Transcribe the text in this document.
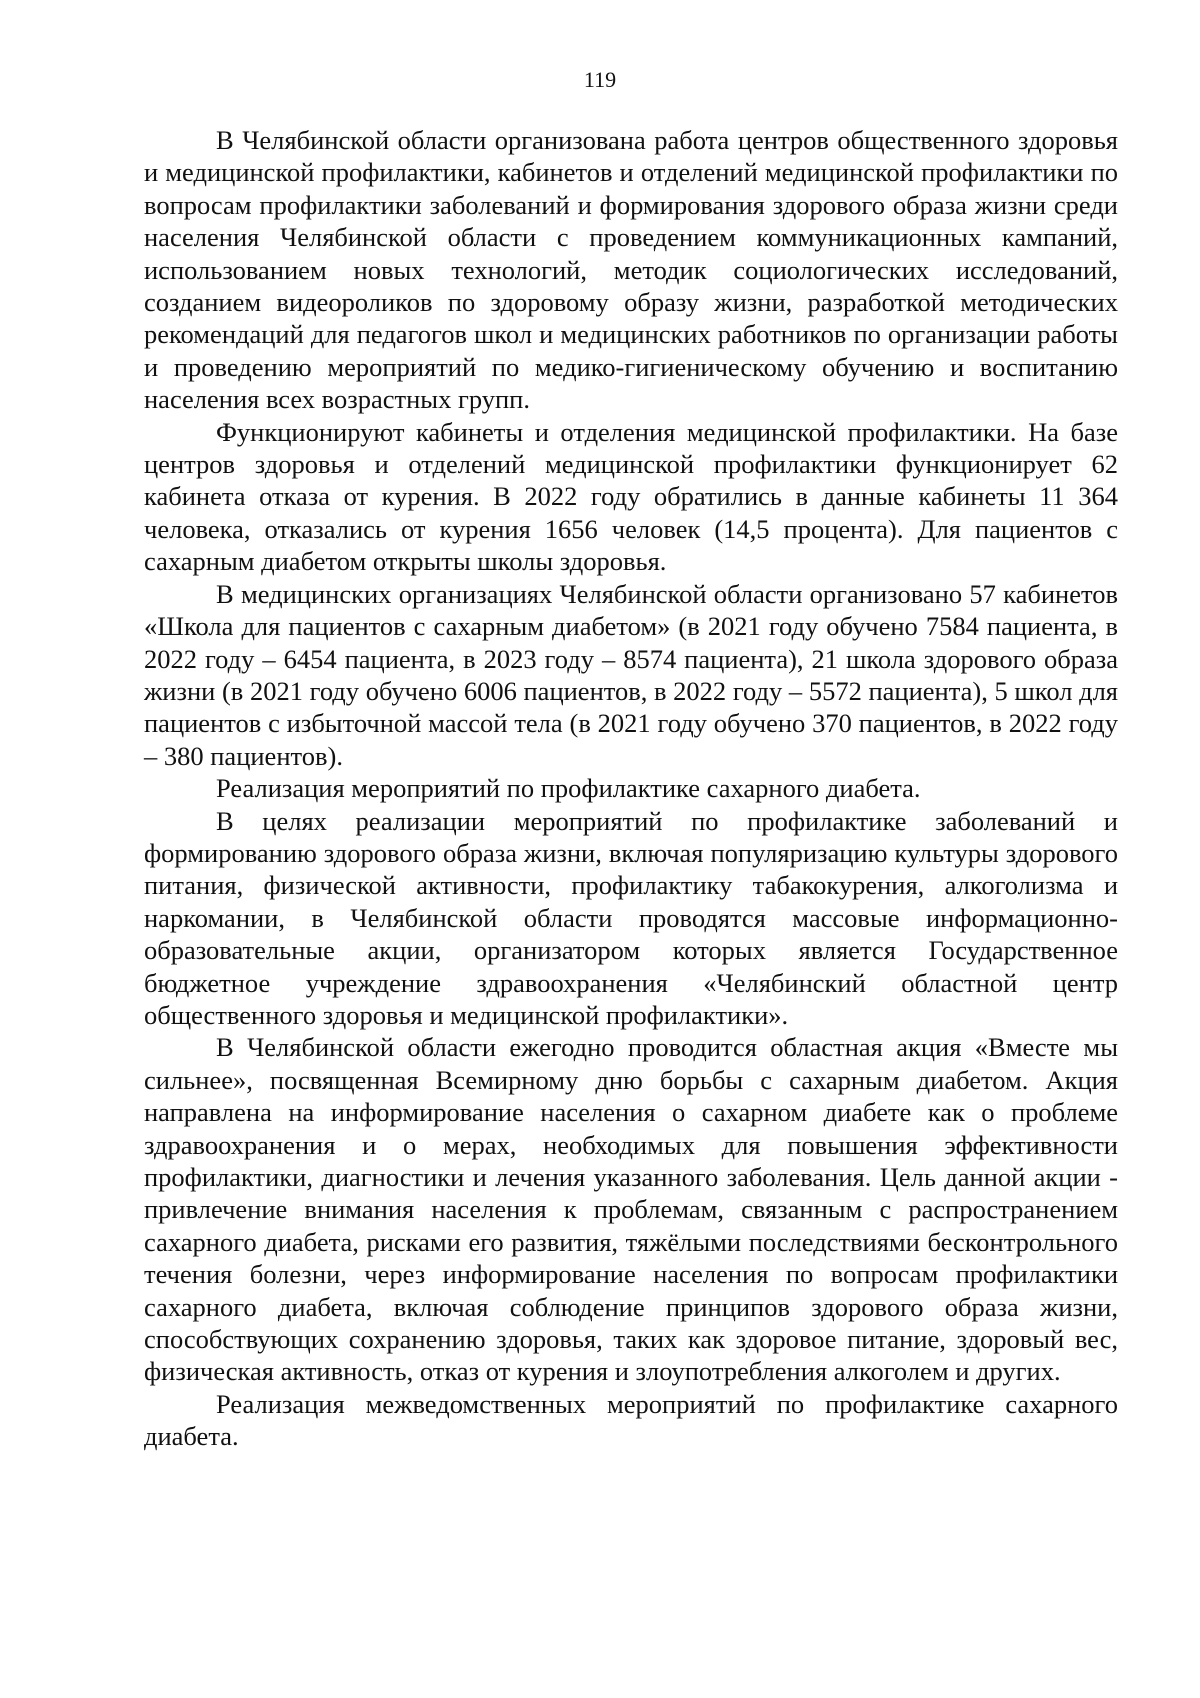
119

В Челябинской области организована работа центров общественного здоровья и медицинской профилактики, кабинетов и отделений медицинской профилактики по вопросам профилактики заболеваний и формирования здорового образа жизни среди населения Челябинской области с проведением коммуникационных кампаний, использованием новых технологий, методик социологических исследований, созданием видеороликов по здоровому образу жизни, разработкой методических рекомендаций для педагогов школ и медицинских работников по организации работы и проведению мероприятий по медико-гигиеническому обучению и воспитанию населения всех возрастных групп.

Функционируют кабинеты и отделения медицинской профилактики. На базе центров здоровья и отделений медицинской профилактики функционирует 62 кабинета отказа от курения. В 2022 году обратились в данные кабинеты 11 364 человека, отказались от курения 1656 человек (14,5 процента). Для пациентов с сахарным диабетом открыты школы здоровья.

В медицинских организациях Челябинской области организовано 57 кабинетов «Школа для пациентов с сахарным диабетом» (в 2021 году обучено 7584 пациента, в 2022 году – 6454 пациента, в 2023 году – 8574 пациента), 21 школа здорового образа жизни (в 2021 году обучено 6006 пациентов, в 2022 году – 5572 пациента), 5 школ для пациентов с избыточной массой тела (в 2021 году обучено 370 пациентов, в 2022 году – 380 пациентов).

Реализация мероприятий по профилактике сахарного диабета.

В целях реализации мероприятий по профилактике заболеваний и формированию здорового образа жизни, включая популяризацию культуры здорового питания, физической активности, профилактику табакокурения, алкоголизма и наркомании, в Челябинской области проводятся массовые информационно-образовательные акции, организатором которых является Государственное бюджетное учреждение здравоохранения «Челябинский областной центр общественного здоровья и медицинской профилактики».

В Челябинской области ежегодно проводится областная акция «Вместе мы сильнее», посвященная Всемирному дню борьбы с сахарным диабетом. Акция направлена на информирование населения о сахарном диабете как о проблеме здравоохранения и о мерах, необходимых для повышения эффективности профилактики, диагностики и лечения указанного заболевания. Цель данной акции - привлечение внимания населения к проблемам, связанным с распространением сахарного диабета, рисками его развития, тяжёлыми последствиями бесконтрольного течения болезни, через информирование населения по вопросам профилактики сахарного диабета, включая соблюдение принципов здорового образа жизни, способствующих сохранению здоровья, таких как здоровое питание, здоровый вес, физическая активность, отказ от курения и злоупотребления алкоголем и других.

Реализация межведомственных мероприятий по профилактике сахарного диабета.
